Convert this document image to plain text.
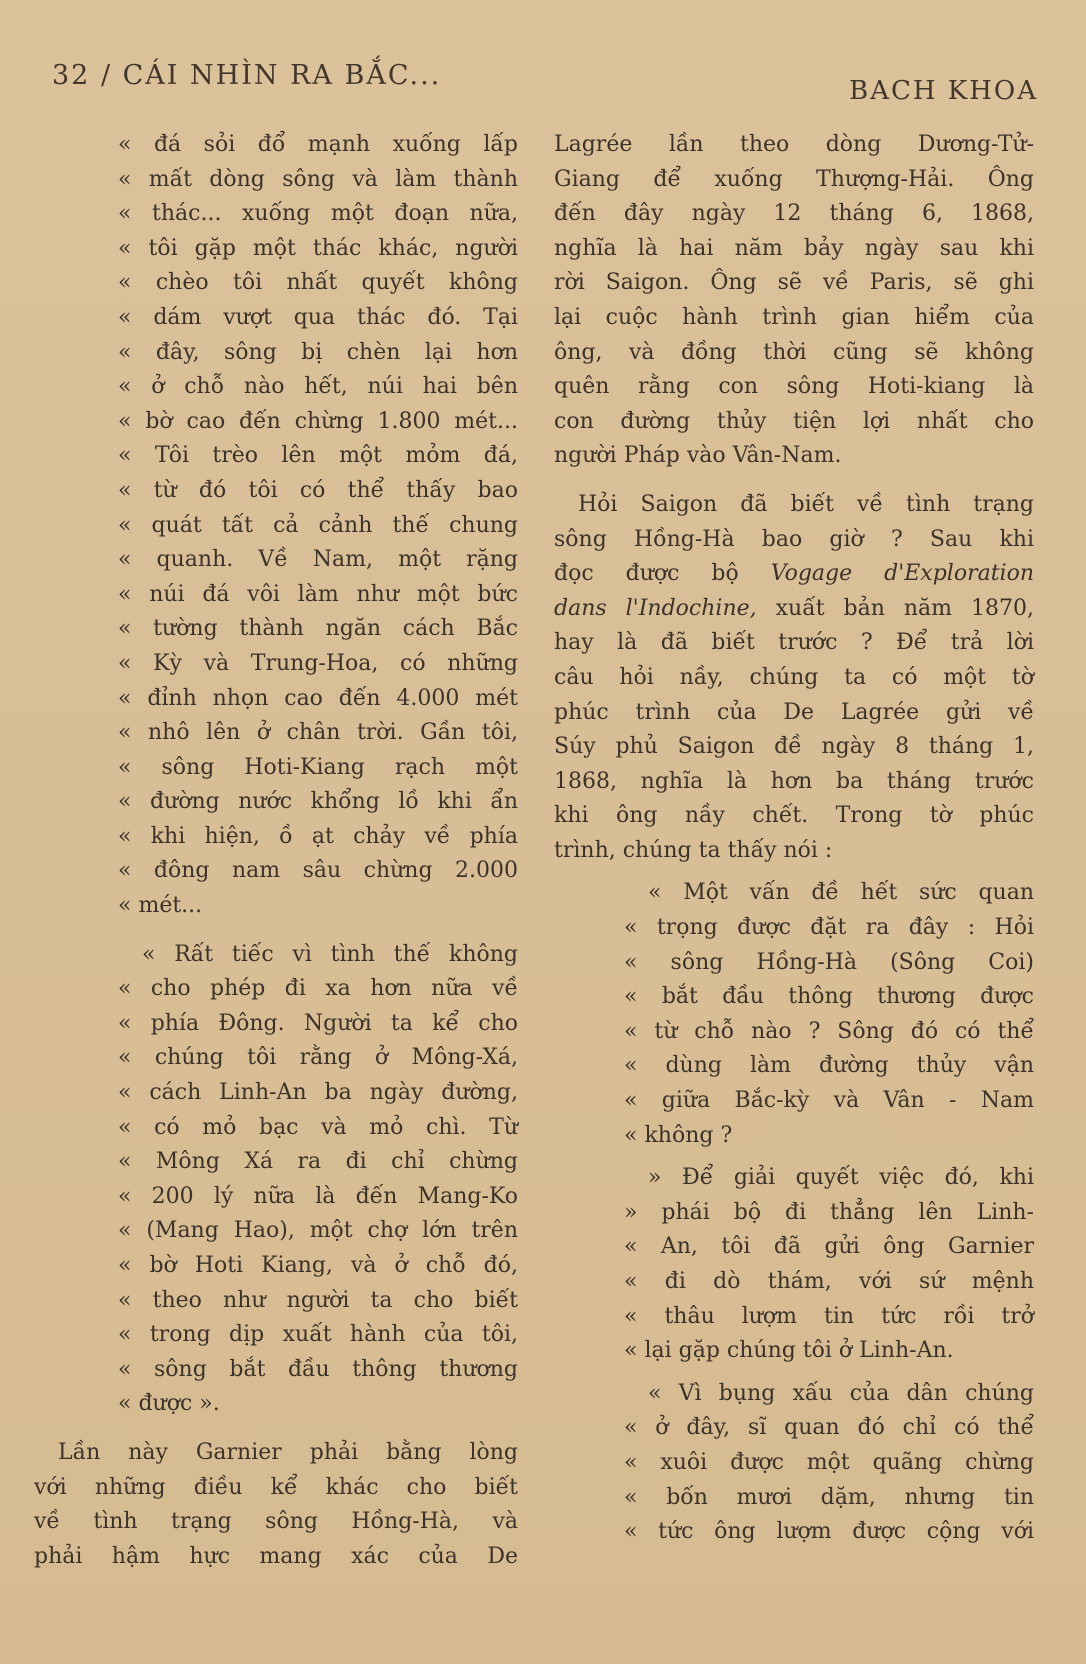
32 / CÁI NHÌN RA BẮC...	BACH KHOA
« đá sỏi đổ mạnh xuống lấp
« mất dòng sông và làm thành
« thác... xuống một đoạn nữa,
« tôi gặp một thác khác, người
« chèo tôi nhất quyết không
« dám vượt qua thác đó. Tại
« đây, sông bị chèn lại hơn
« ở chỗ nào hết, núi hai bên
« bờ cao đến chừng 1.800 mét...
« Tôi trèo lên một mỏm đá,
« từ đó tôi có thể thấy bao
« quát tất cả cảnh thế chung
« quanh. Về Nam, một rặng
« núi đá vôi làm như một bức
« tường thành ngăn cách Bắc
« Kỳ và Trung-Hoa, có những
« đỉnh nhọn cao đến 4.000 mét
« nhô lên ở chân trời. Gần tôi,
« sông Hoti-Kiang rạch một
« đường nước khổng lồ khi ẩn
« khi hiện, ồ ạt chảy về phía
« đông nam sâu chừng 2.000
« mét...
« Rất tiếc vì tình thế không
« cho phép đi xa hơn nữa về
« phía Đông. Người ta kể cho
« chúng tôi rằng ở Mông-Xá,
« cách Linh-An ba ngày đường,
« có mỏ bạc và mỏ chì. Từ
« Mông Xá ra đi chỉ chừng
« 200 lý nữa là đến Mang-Ko
« (Mang Hao), một chợ lớn trên
« bờ Hoti Kiang, và ở chỗ đó,
« theo như người ta cho biết
« trong dịp xuất hành của tôi,
« sông bắt đầu thông thương
« được ».
Lần này Garnier phải bằng lòng
với những điều kể khác cho biết
về tình trạng sông Hồng-Hà, và
phải hậm hực mang xác của De
Lagrée lần theo dòng Dương-Tử-
Giang để xuống Thượng-Hải. Ông
đến đây ngày 12 tháng 6, 1868,
nghĩa là hai năm bảy ngày sau khi
rời Saigon. Ông sẽ về Paris, sẽ ghi
lại cuộc hành trình gian hiểm của
ông, và đồng thời cũng sẽ không
quên rằng con sông Hoti-kiang là
con đường thủy tiện lợi nhất cho
người Pháp vào Vân-Nam.
Hỏi Saigon đã biết về tình trạng
sông Hồng-Hà bao giờ ? Sau khi
đọc được bộ Vogage d'Exploration
dans l'Indochine, xuất bản năm 1870,
hay là đã biết trước ? Để trả lời
câu hỏi nầy, chúng ta có một tờ
phúc trình của De Lagrée gửi về
Súy phủ Saigon đề ngày 8 tháng 1,
1868, nghĩa là hơn ba tháng trước
khi ông nầy chết. Trong tờ phúc
trình, chúng ta thấy nói :
« Một vấn đề hết sức quan
« trọng được đặt ra đây : Hỏi
« sông Hồng-Hà (Sông Coi)
« bắt đầu thông thương được
« từ chỗ nào ? Sông đó có thể
« dùng làm đường thủy vận
« giữa Bắc-kỳ và Vân - Nam
« không ?
» Để giải quyết việc đó, khi
» phái bộ đi thẳng lên Linh-
« An, tôi đã gửi ông Garnier
« đi dò thám, với sứ mệnh
« thâu lượm tin tức rồi trở
« lại gặp chúng tôi ở Linh-An.
« Vì bụng xấu của dân chúng
« ở đây, sĩ quan đó chỉ có thể
« xuôi được một quãng chừng
« bốn mươi dặm, nhưng tin
« tức ông lượm được cộng với
